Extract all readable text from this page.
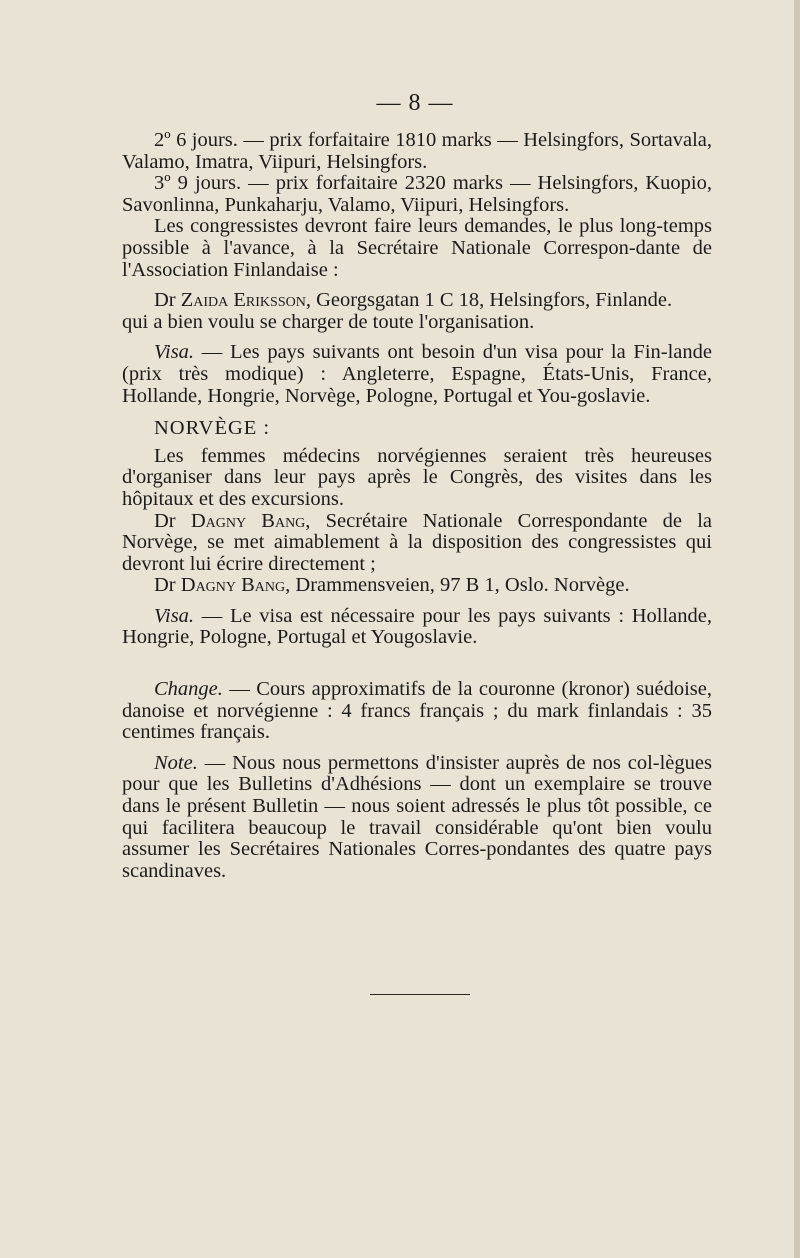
— 8 —

2º 6 jours. — prix forfaitaire 1810 marks — Helsingfors, Sortavala, Valamo, Imatra, Viipuri, Helsingfors.

3º 9 jours. — prix forfaitaire 2320 marks — Helsingfors, Kuopio, Savonlinna, Punkaharju, Valamo, Viipuri, Helsingfors.

Les congressistes devront faire leurs demandes, le plus long-temps possible à l'avance, à la Secrétaire Nationale Correspon-dante de l'Association Finlandaise :

Dr Zaida Eriksson, Georgsgatan 1 C 18, Helsingfors, Finlande.

qui a bien voulu se charger de toute l'organisation.

Visa. — Les pays suivants ont besoin d'un visa pour la Fin-lande (prix très modique) : Angleterre, Espagne, États-Unis, France, Hollande, Hongrie, Norvège, Pologne, Portugal et You-goslavie.

NORVÈGE :

Les femmes médecins norvégiennes seraient très heureuses d'organiser dans leur pays après le Congrès, des visites dans les hôpitaux et des excursions.

Dr Dagny Bang, Secrétaire Nationale Correspondante de la Norvège, se met aimablement à la disposition des congressistes qui devront lui écrire directement ;

Dr Dagny Bang, Drammensveien, 97 B 1, Oslo. Norvège.

Visa. — Le visa est nécessaire pour les pays suivants : Hollande, Hongrie, Pologne, Portugal et Yougoslavie.

Change. — Cours approximatifs de la couronne (kronor) suédoise, danoise et norvégienne : 4 francs français ; du mark finlandais : 35 centimes français.

Note. — Nous nous permettons d'insister auprès de nos col-lègues pour que les Bulletins d'Adhésions — dont un exemplaire se trouve dans le présent Bulletin — nous soient adressés le plus tôt possible, ce qui facilitera beaucoup le travail considérable qu'ont bien voulu assumer les Secrétaires Nationales Corres-pondantes des quatre pays scandinaves.
